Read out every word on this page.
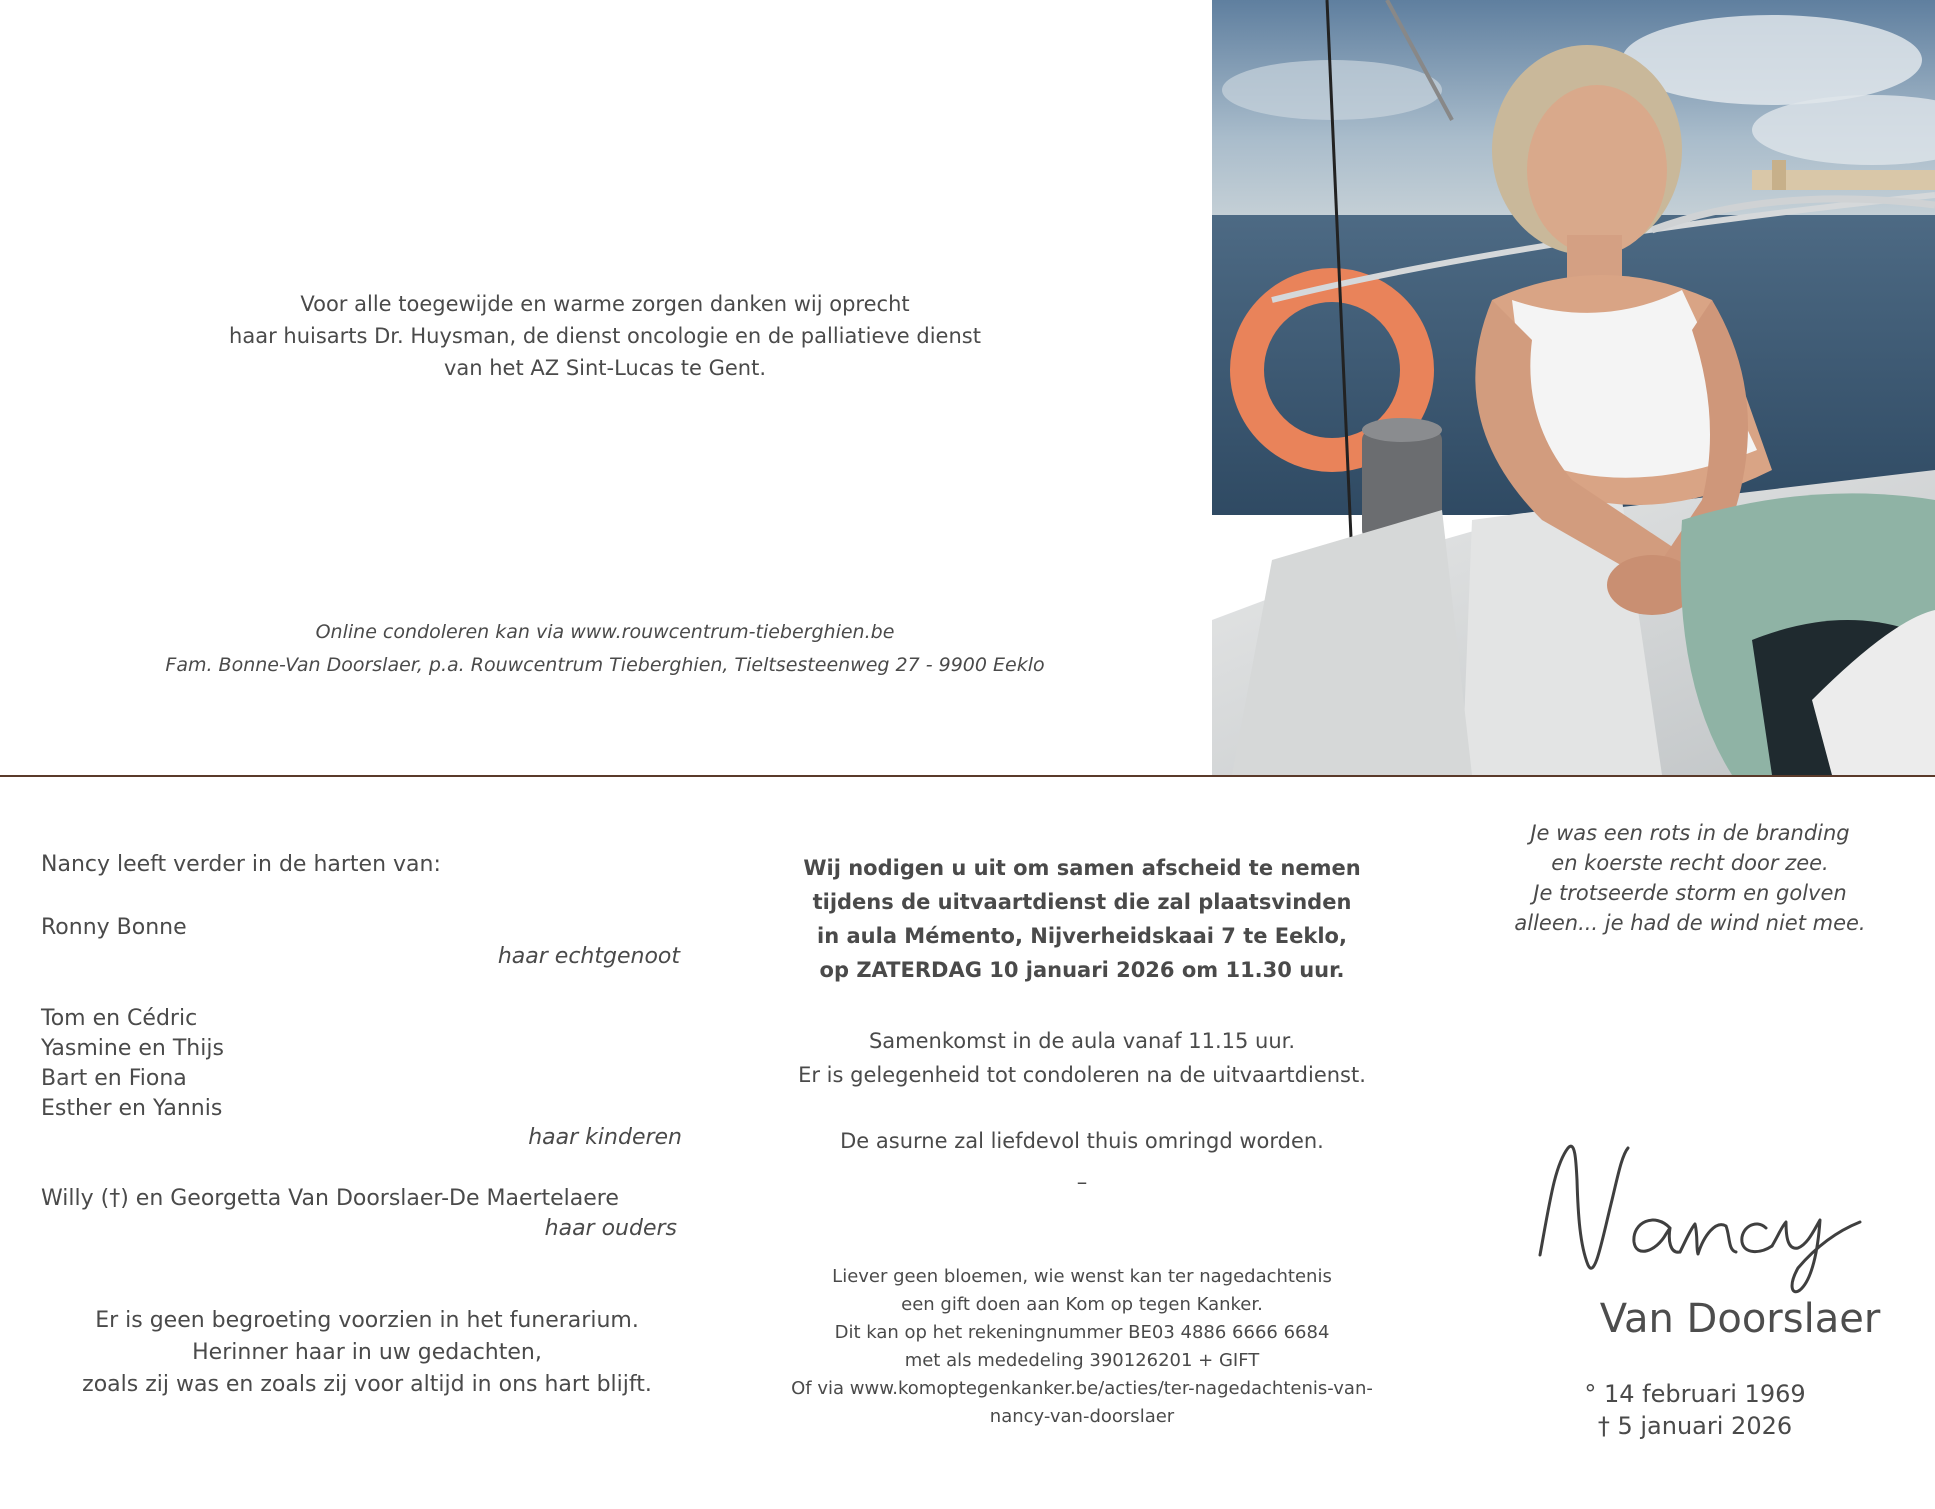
Voor alle toegewijde en warme zorgen danken wij oprecht
haar huisarts Dr. Huysman, de dienst oncologie en de palliatieve dienst
van het AZ Sint-Lucas te Gent.
Online condoleren kan via www.rouwcentrum-tieberghien.be
Fam. Bonne-Van Doorslaer, p.a. Rouwcentrum Tieberghien, Tieltsesteenweg 27 - 9900 Eeklo
Nancy leeft verder in de harten van:
Ronny Bonne
haar echtgenoot
Tom en Cédric
Yasmine en Thijs
Bart en Fiona
Esther en Yannis
haar kinderen
Willy (†) en Georgetta Van Doorslaer-De Maertelaere
haar ouders
Er is geen begroeting voorzien in het funerarium.
Herinner haar in uw gedachten,
zoals zij was en zoals zij voor altijd in ons hart blijft.
Wij nodigen u uit om samen afscheid te nemen
tijdens de uitvaartdienst die zal plaatsvinden
in aula Mémento, Nijverheidskaai 7 te Eeklo,
op ZATERDAG 10 januari 2026 om 11.30 uur.
Samenkomst in de aula vanaf 11.15 uur.
Er is gelegenheid tot condoleren na de uitvaartdienst.
De asurne zal liefdevol thuis omringd worden.
–
Liever geen bloemen, wie wenst kan ter nagedachtenis
een gift doen aan Kom op tegen Kanker.
Dit kan op het rekeningnummer BE03 4886 6666 6684
met als mededeling 390126201 + GIFT
Of via www.komoptegenkanker.be/acties/ter-nagedachtenis-van-
nancy-van-doorslaer
Je was een rots in de branding
en koerste recht door zee.
Je trotseerde storm en golven
alleen... je had de wind niet mee.
Van Doorslaer
° 14 februari 1969
† 5 januari 2026
